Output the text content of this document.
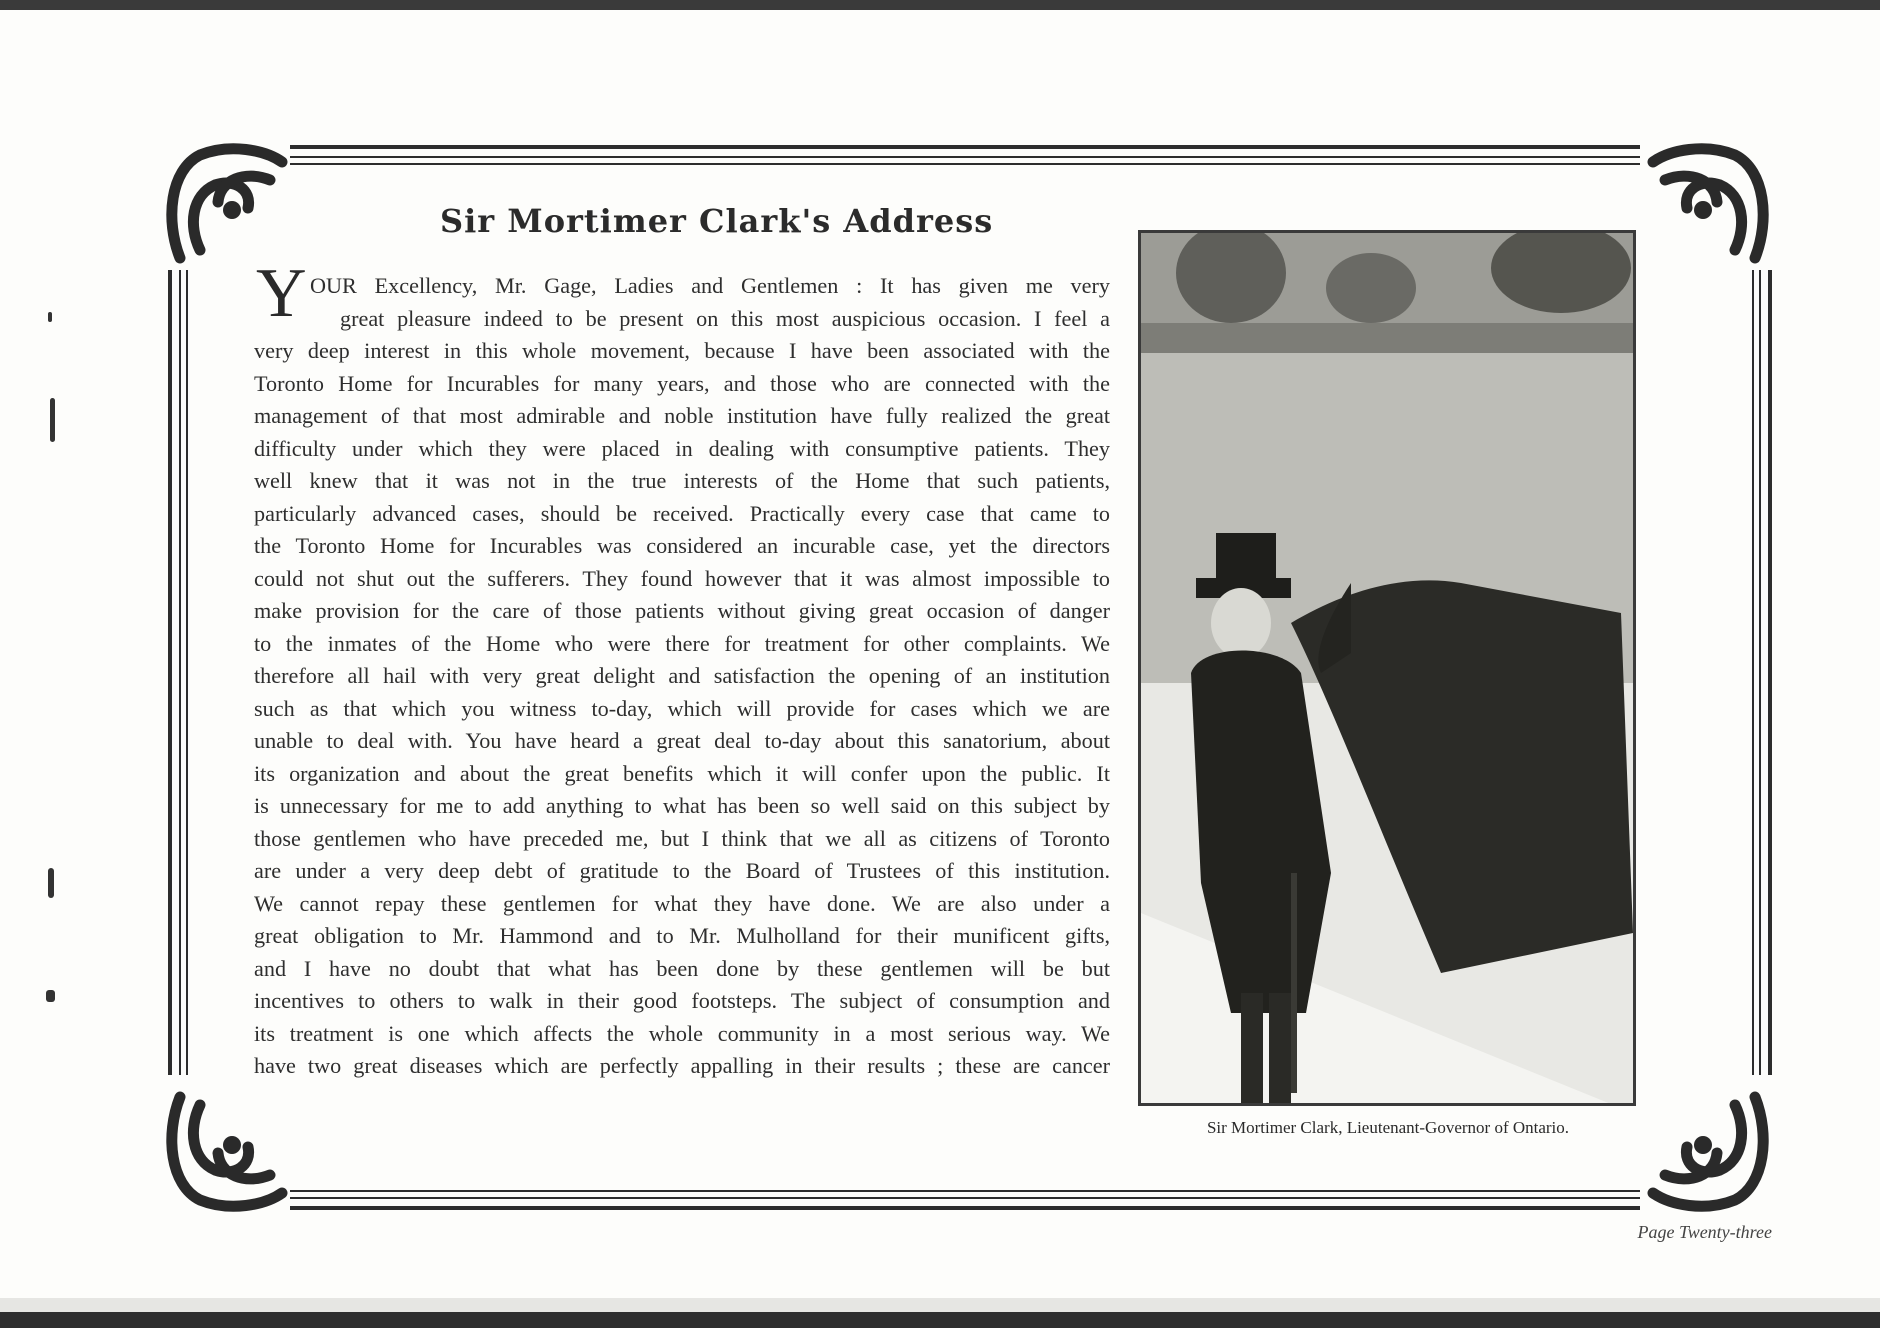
Sir Mortimer Clark's Address
Y OUR Excellency, Mr. Gage, Ladies and Gentlemen : It has given me very
great pleasure indeed to be present on this most auspicious occasion. I feel a
very deep interest in this whole movement, because I have been associated with the
Toronto Home for Incurables for many years, and those who are connected with the
management of that most admirable and noble institution have fully realized the great
difficulty under which they were placed in dealing with consumptive patients. They
well knew that it was not in the true interests of the Home that such patients,
particularly advanced cases, should be received. Practically every case that came to
the Toronto Home for Incurables was considered an incurable case, yet the directors
could not shut out the sufferers. They found however that it was almost impossible to
make provision for the care of those patients without giving great occasion of danger
to the inmates of the Home who were there for treatment for other complaints. We
therefore all hail with very great delight and satisfaction the opening of an institution
such as that which you witness to-day, which will provide for cases which we are
unable to deal with. You have heard a great deal to-day about this sanatorium, about
its organization and about the great benefits which it will confer upon the public. It
is unnecessary for me to add anything to what has been so well said on this subject by
those gentlemen who have preceded me, but I think that we all as citizens of Toronto
are under a very deep debt of gratitude to the Board of Trustees of this institution.
We cannot repay these gentlemen for what they have done. We are also under a
great obligation to Mr. Hammond and to Mr. Mulholland for their munificent gifts,
and I have no doubt that what has been done by these gentlemen will be but
incentives to others to walk in their good footsteps. The subject of consumption and
its treatment is one which affects the whole community in a most serious way. We
have two great diseases which are perfectly appalling in their results ; these are cancer
Sir Mortimer Clark, Lieutenant-Governor of Ontario.
Page Twenty-three
